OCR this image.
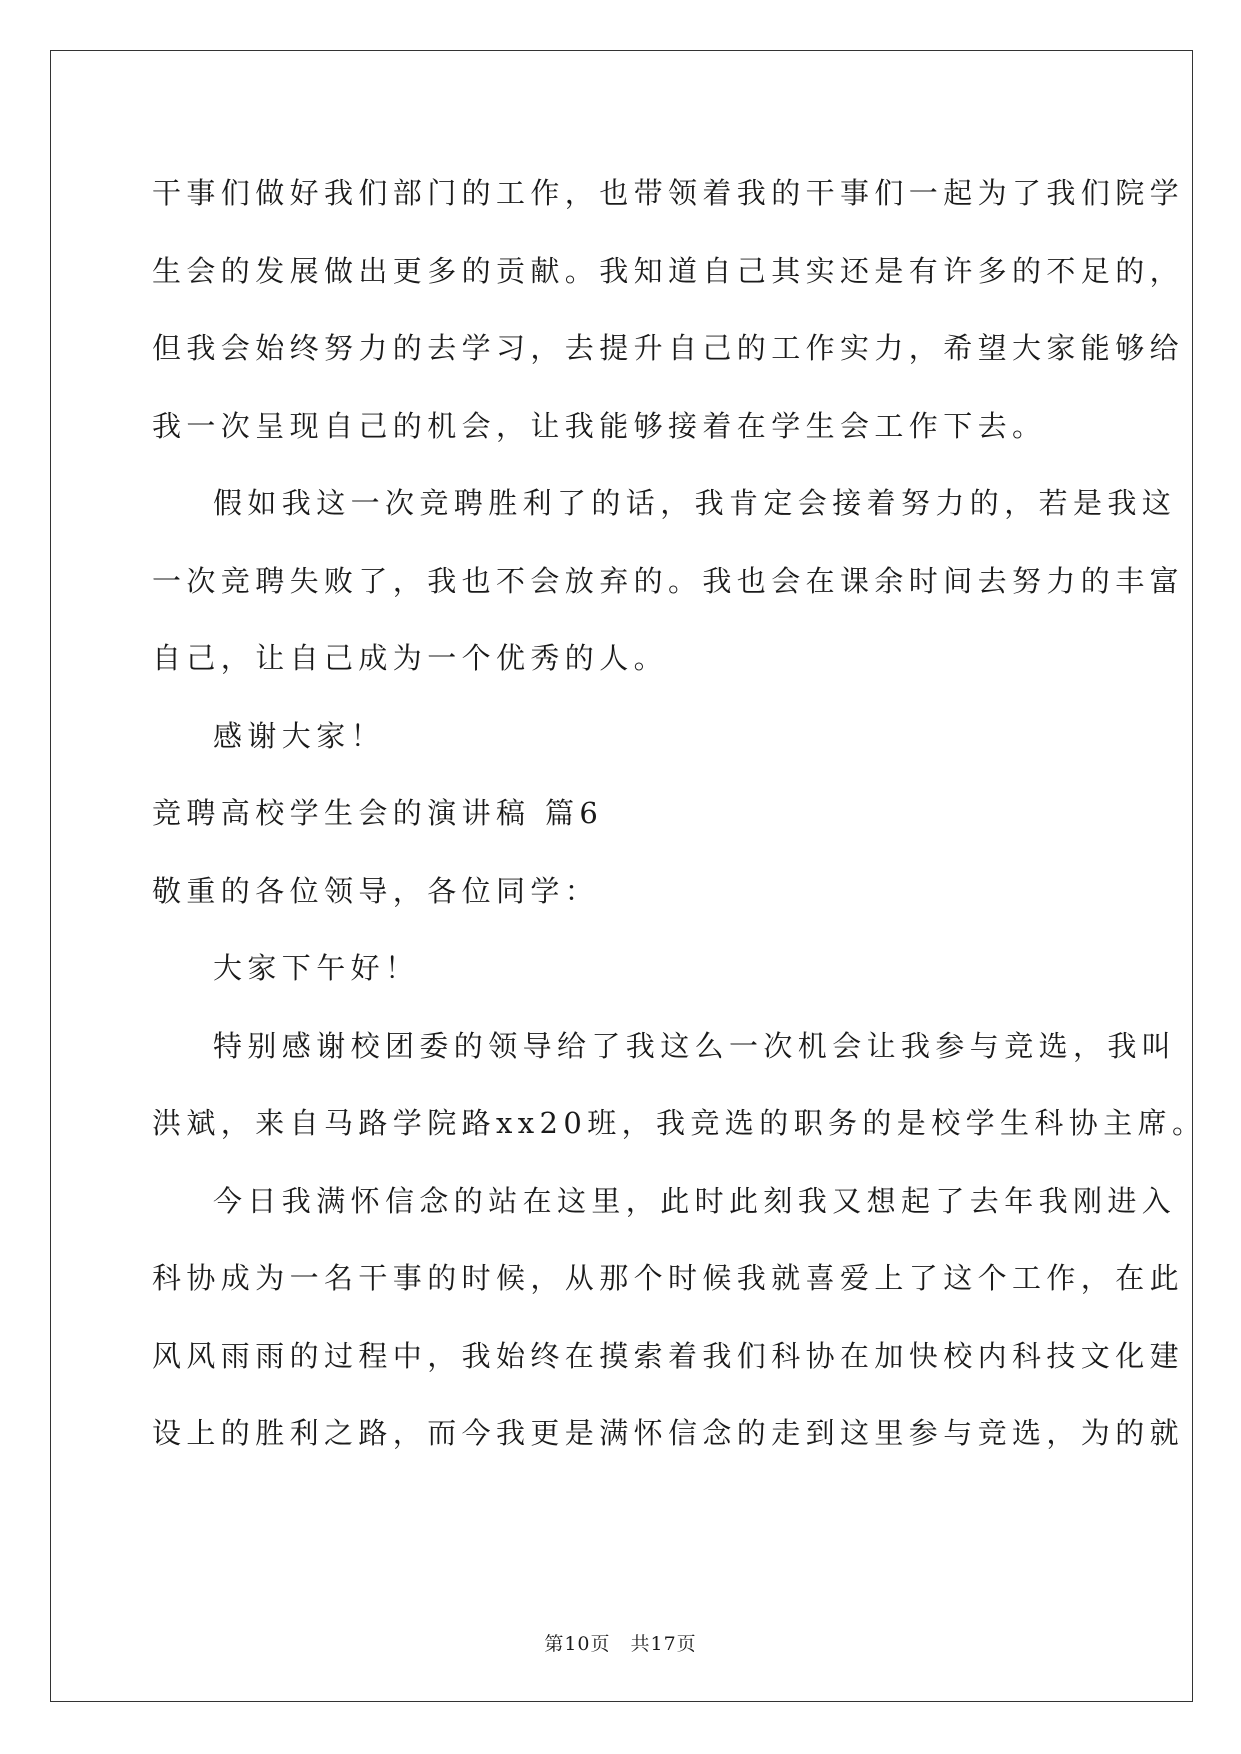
干事们做好我们部门的工作，也带领着我的干事们一起为了我们院学
生会的发展做出更多的贡献。我知道自己其实还是有许多的不足的，
但我会始终努力的去学习，去提升自己的工作实力，希望大家能够给
我一次呈现自己的机会，让我能够接着在学生会工作下去。
假如我这一次竞聘胜利了的话，我肯定会接着努力的，若是我这
一次竞聘失败了，我也不会放弃的。我也会在课余时间去努力的丰富
自己，让自己成为一个优秀的人。
感谢大家！
竞聘高校学生会的演讲稿 篇6
敬重的各位领导，各位同学：
大家下午好！
特别感谢校团委的领导给了我这么一次机会让我参与竞选，我叫
洪斌，来自马路学院路xx20班，我竞选的职务的是校学生科协主席。
今日我满怀信念的站在这里，此时此刻我又想起了去年我刚进入
科协成为一名干事的时候，从那个时候我就喜爱上了这个工作，在此
风风雨雨的过程中，我始终在摸索着我们科协在加快校内科技文化建
设上的胜利之路，而今我更是满怀信念的走到这里参与竞选，为的就
第10页　共17页
